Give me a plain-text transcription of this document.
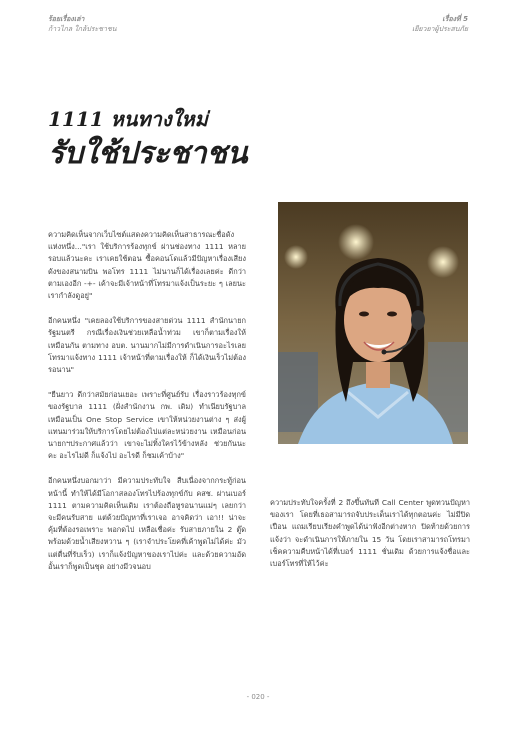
ร้อยเรื่องเล่า
ก้าวไกล ใกล้ประชาชน
เรื่องที่ 5
เยียวยาผู้ประสบภัย
1111 หนทางใหม่
รับใช้ประชาชน

ความคิดเห็นจากเว็บไซต์แสดงความคิดเห็นสาธารณะชื่อดังแห่งหนึ่ง..."เรา ใช้บริการร้องทุกข์ ผ่านช่องทาง 1111 หลายรอบแล้วนะคะ เราเคยใช้ตอน ซื้อคอนโดแล้วมีปัญหาเรื่องเสียงดังของสนามบิน พอโทร 1111 ไม่นานก็ได้เรื่องเลยค่ะ ดีกว่าตามเองอีก -+- เค้าจะมีเจ้าหน้าที่โทรมาแจ้งเป็นระยะ ๆ เลยนะ เรากำลังดูอยู่"

อีกคนหนึ่ง "เคยลองใช้บริการของสายด่วน 1111 สำนักนายกรัฐมนตรี กรณีเรื่องเงินช่วยเหลือน้ำท่วม เขาก็ตามเรื่องให้เหมือนกัน ตามทาง อบต. นานมากไม่มีการดำเนินการอะไรเลย โทรมาแจ้งทาง 1111 เจ้าหน้าที่ตามเรื่องให้ ก็ได้เงินเร็วไม่ต้องรอนาน"

"ยืนยาว ดีกว่าสมัยก่อนเยอะ เพราะที่ศูนย์รับ เรื่องราวร้องทุกข์ของรัฐบาล 1111 (ฝั่งสำนักงาน กพ. เดิม) ทำเนียบรัฐบาลเหมือนเป็น One Stop Service เขาให้หน่วยงานต่าง ๆ ส่งผู้แทนมาร่วมให้บริการโดยไม่ต้องไปแต่ละหน่วยงาน เหมือนก่อนนายกฯประกาศแล้วว่า เขาจะไม่ทิ้งใครไว้ข้างหลัง ช่วยกันนะคะ อะไรไม่ดี ก็แจ้งไป อะไรดี ก็ชมเค้าบ้าง"

อีกคนหนึ่งบอกมาว่า มีความประทับใจ สืบเนื่องจากกระทู้ก่อนหน้านี้ ทำให้ได้มีโอกาสลองโทรไปร้องทุกข์กับ คสช. ผ่านเบอร์ 1111 ตามความคิดเห็นเดิม เราต้องถือหูรอนานแม่ๆ เลยกว่าจะมีคนรับสาย แต่ด้วยปัญหาที่เราเจอ อาจคิดว่า เอา!! น่าจะคุ้มที่ต้องรอเพราะ พอกดไป เหลือเชื่อค่ะ รับสายภายใน 2 ตู๊ด พร้อมด้วยน้ำเสียงหวาน ๆ (เราจำประโยคที่เค้าพูดไม่ได้ค่ะ มัวแต่ตื่นที่รับเร็ว) เราก็แจ้งปัญหาของเราไปค่ะ และด้วยความอัดอั้นเราก็พูดเป็นชุด อย่างมีวจนอบ

ความประทับใจครั้งที่ 2 ถึงขึ้นทันที Call Center พูดทวนปัญหาของเรา โดยที่เธอสามารถจับประเด็นเราได้ทุกตอนค่ะ ไม่มีปิดเปือน แถมเรียบเรียงคำพูดได้น่าฟังอีกต่างหาก ปิดท้ายด้วยการแจ้งว่า จะดำเนินการให้ภายใน 15 วัน โดยเราสามารถโทรมาเช็คความคืบหน้าได้ที่เบอร์ 1111 ชั่นเดิม ด้วยการแจ้งชื่อและเบอร์โทรที่ให้ไว้ค่ะ

- 020 -
